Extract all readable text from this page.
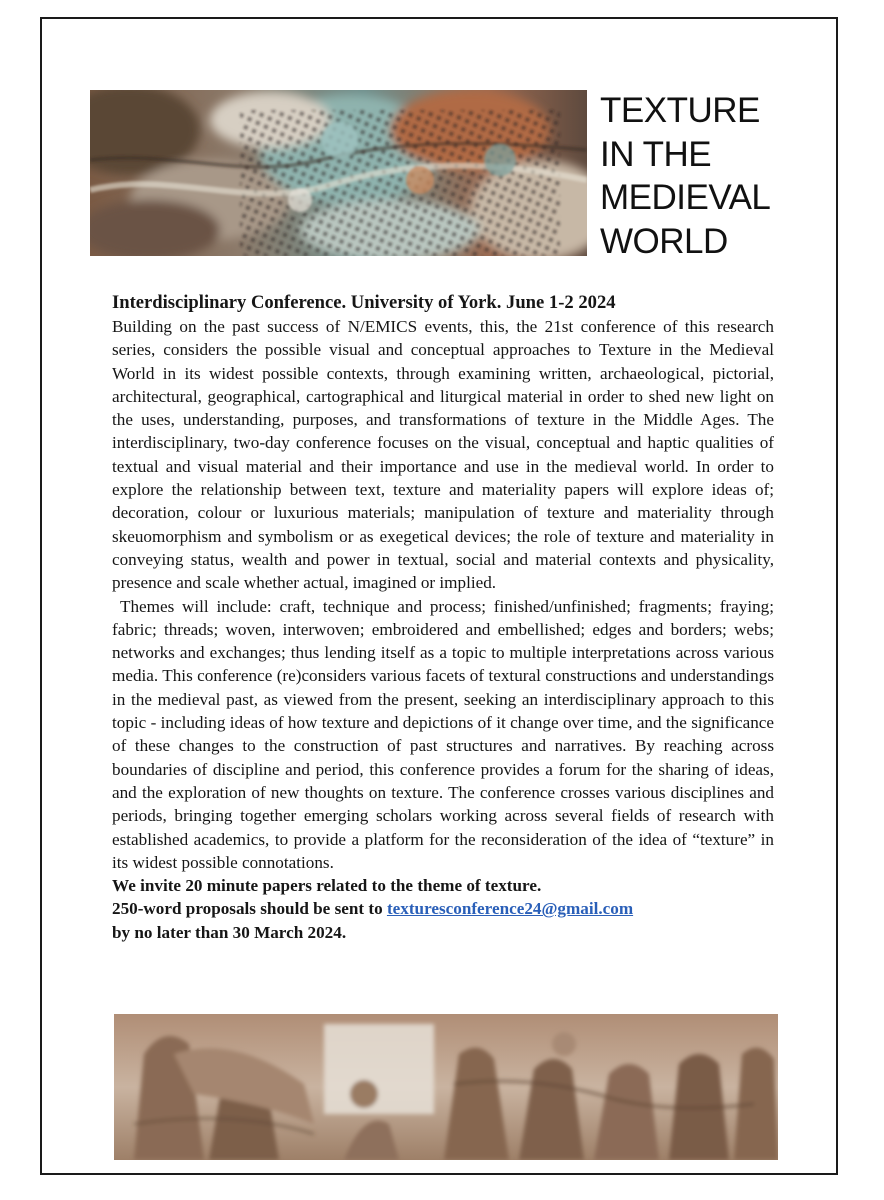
TEXTURE
IN THE
MEDIEVAL
WORLD

Interdisciplinary Conference. University of York. June 1-2 2024

Building on the past success of N/EMICS events, this, the 21st conference of this research series, considers the possible visual and conceptual approaches to Texture in the Medieval World in its widest possible contexts, through examining written, archaeological, pictorial, architectural, geographical, cartographical and liturgical material in order to shed new light on the uses, understanding, purposes, and transformations of texture in the Middle Ages. The interdisciplinary, two-day conference focuses on the visual, conceptual and haptic qualities of textual and visual material and their importance and use in the medieval world. In order to explore the relationship between text, texture and materiality papers will explore ideas of; decoration, colour or luxurious materials; manipulation of texture and materiality through skeuomorphism and symbolism or as exegetical devices; the role of texture and materiality in conveying status, wealth and power in textual, social and material contexts and physicality, presence and scale whether actual, imagined or implied.

Themes will include: craft, technique and process; finished/unfinished; fragments; fraying; fabric; threads; woven, interwoven; embroidered and embellished; edges and borders; webs; networks and exchanges; thus lending itself as a topic to multiple interpretations across various media. This conference (re)considers various facets of textural constructions and understandings in the medieval past, as viewed from the present, seeking an interdisciplinary approach to this topic - including ideas of how texture and depictions of it change over time, and the significance of these changes to the construction of past structures and narratives. By reaching across boundaries of discipline and period, this conference provides a forum for the sharing of ideas, and the exploration of new thoughts on texture. The conference crosses various disciplines and periods, bringing together emerging scholars working across several fields of research with established academics, to provide a platform for the reconsideration of the idea of “texture” in its widest possible connotations.

We invite 20 minute papers related to the theme of texture.

250-word proposals should be sent to texturesconference24@gmail.com

by no later than 30 March 2024.
